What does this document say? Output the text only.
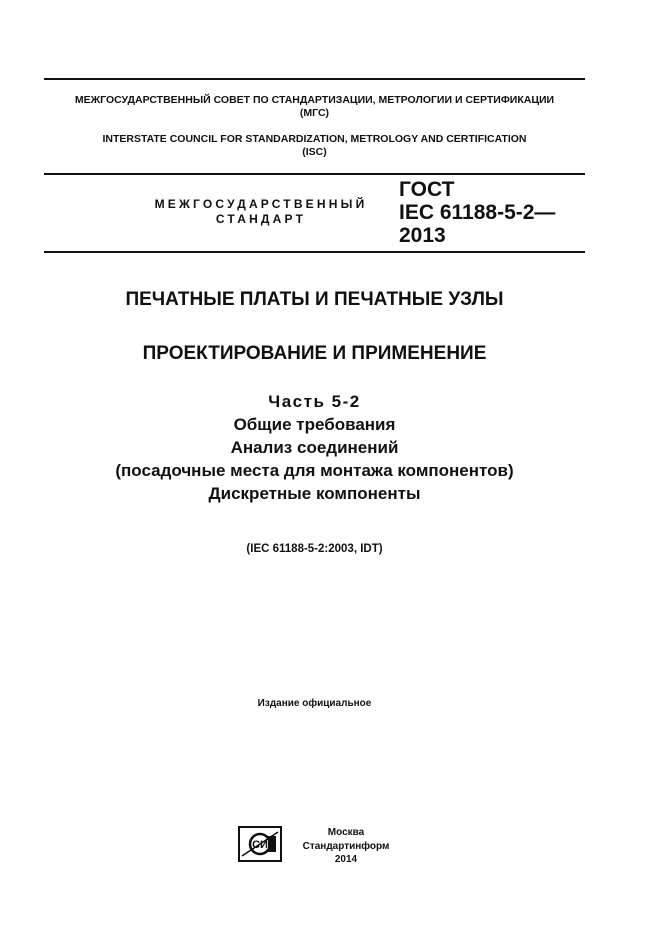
МЕЖГОСУДАРСТВЕННЫЙ СОВЕТ ПО СТАНДАРТИЗАЦИИ, МЕТРОЛОГИИ И СЕРТИФИКАЦИИ
(МГС)
INTERSTATE COUNCIL FOR STANDARDIZATION, METROLOGY AND CERTIFICATION
(ISC)
МЕЖГОСУДАРСТВЕННЫЙ
СТАНДАРТ
ГОСТ
IEC 61188-5-2—
2013
ПЕЧАТНЫЕ ПЛАТЫ И ПЕЧАТНЫЕ УЗЛЫ
ПРОЕКТИРОВАНИЕ И ПРИМЕНЕНИЕ
Часть 5-2
Общие требования
Анализ соединений
(посадочные места для монтажа компонентов)
Дискретные компоненты
(IEC 61188-5-2:2003, IDT)
Издание официальное
СИ
Москва
Стандартинформ
2014
